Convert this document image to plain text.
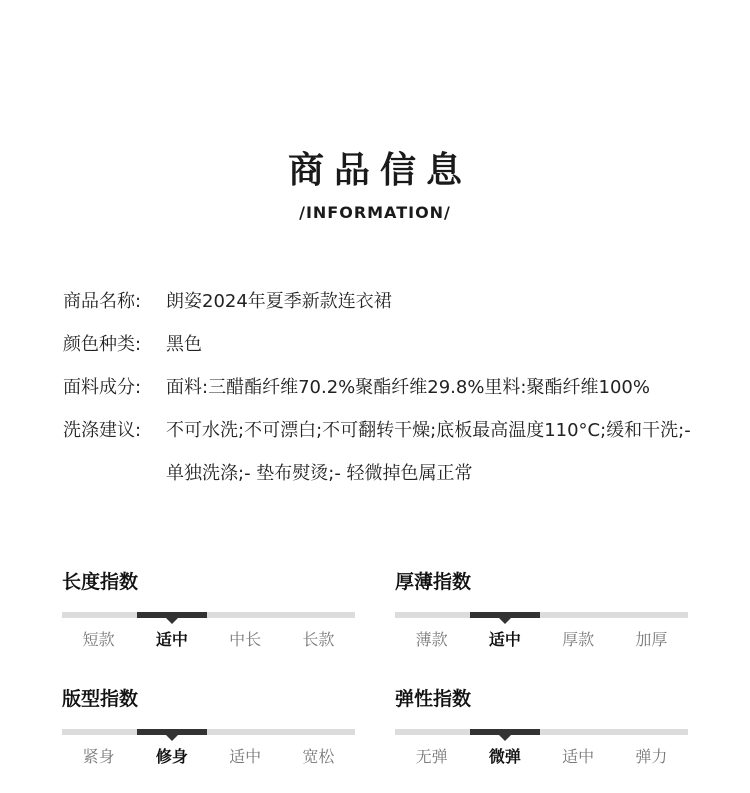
商品信息
/INFORMATION/
商品名称:	朗姿2024年夏季新款连衣裙
颜色种类:	黑色
面料成分:	面料:三醋酯纤维70.2%聚酯纤维29.8%里料:聚酯纤维100%
洗涤建议:	不可水洗;不可漂白;不可翻转干燥;底板最高温度110°C;缓和干洗;- 单独洗涤;- 垫布熨烫;- 轻微掉色属正常
长度指数
短款	适中	中长	长款
厚薄指数
薄款	适中	厚款	加厚
版型指数
紧身	修身	适中	宽松
弹性指数
无弹	微弹	适中	弹力
